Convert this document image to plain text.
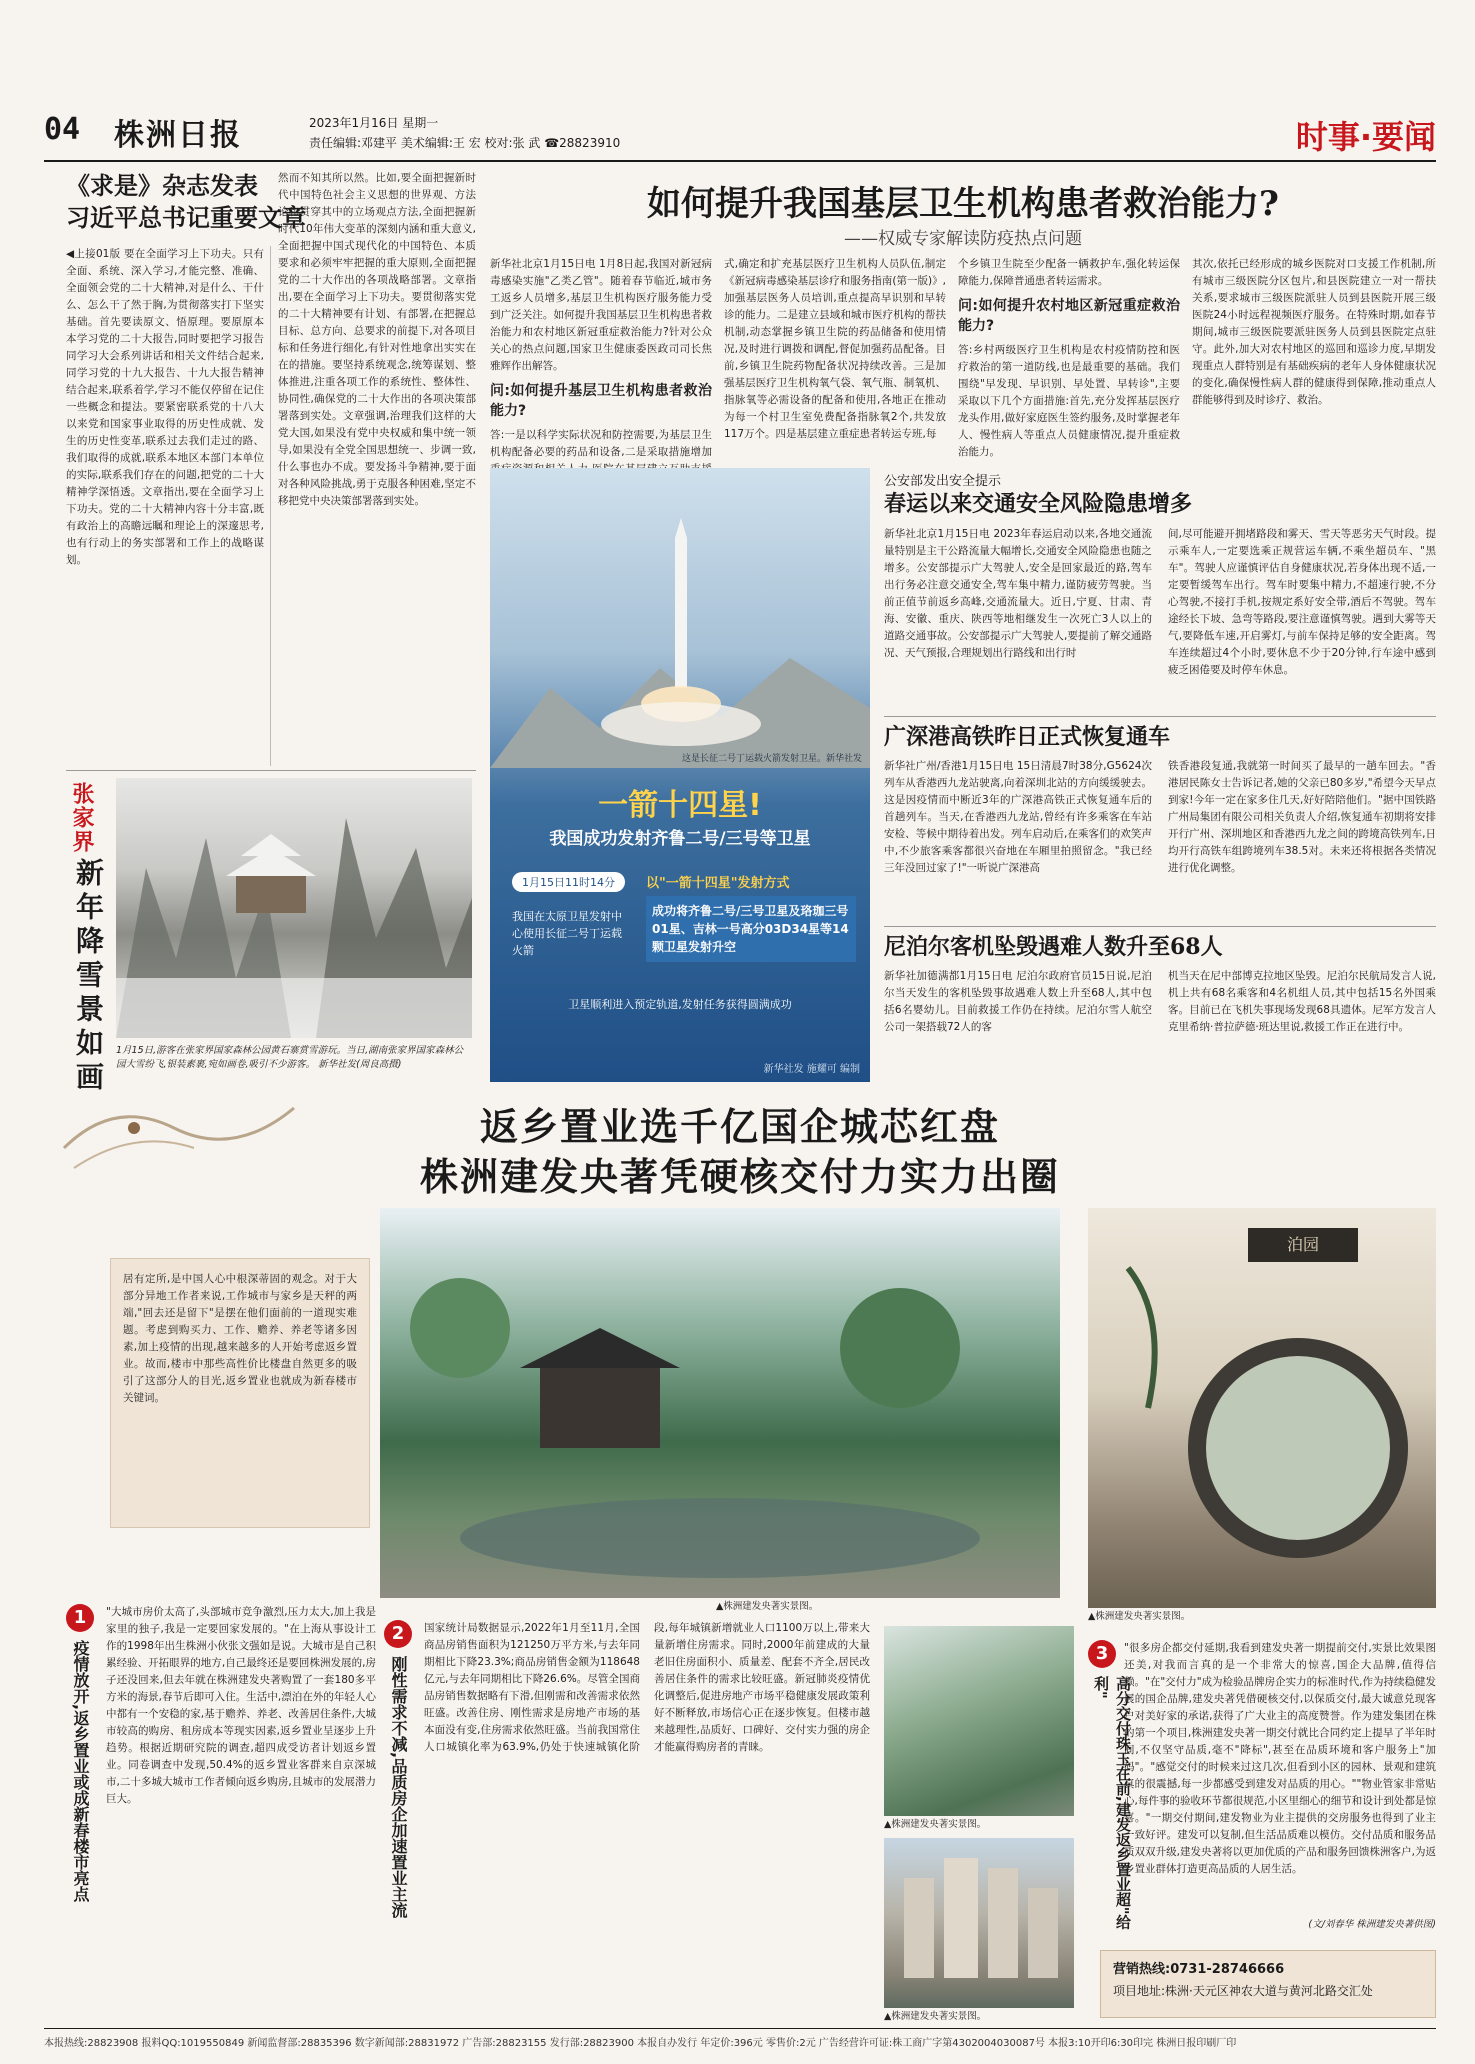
04 株洲日报	2023年1月16日 星期一
责任编辑:邓建平 美术编辑:王 宏 校对:张 武 ☎28823910	时事·要闻
《求是》杂志发表
习近平总书记重要文章
◀上接01版 要在全面学习上下功夫。只有全面、系统、深入学习,才能完整、准确、全面领会党的二十大精神,对是什么、干什么、怎么干了然于胸,为贯彻落实打下坚实基础。首先要读原文、悟原理。要原原本本学习党的二十大报告,同时要把学习报告同学习大会系列讲话和相关文件结合起来,同学习党的十九大报告、十九大报告精神结合起来,联系着学,学习不能仅停留在记住一些概念和提法。要紧密联系党的十八大以来党和国家事业取得的历史性成就、发生的历史性变革,联系过去我们走过的路、我们取得的成就,联系本地区本部门本单位的实际,联系我们存在的问题,把党的二十大精神学深悟透。文章指出,要在全面学习上下功夫。党的二十大精神内容十分丰富,既有政治上的高瞻远瞩和理论上的深邃思考,也有行动上的务实部署和工作上的战略谋划。
然而不知其所以然。比如,要全面把握新时代中国特色社会主义思想的世界观、方法论和贯穿其中的立场观点方法,全面把握新时代10年伟大变革的深刻内涵和重大意义,全面把握中国式现代化的中国特色、本质要求和必须牢牢把握的重大原则,全面把握党的二十大作出的各项战略部署。文章指出,要在全面学习上下功夫。要贯彻落实党的二十大精神要有计划、有部署,在把握总目标、总方向、总要求的前提下,对各项目标和任务进行细化,有针对性地拿出实实在在的措施。要坚持系统观念,统筹谋划、整体推进,注重各项工作的系统性、整体性、协同性,确保党的二十大作出的各项决策部署落到实处。文章强调,治理我们这样的大党大国,如果没有党中央权威和集中统一领导,如果没有全党全国思想统一、步调一致,什么事也办不成。要发扬斗争精神,要于面对各种风险挑战,勇于克服各种困难,坚定不移把党中央决策部署落到实处。
张家界
新年降雪景如画	1月15日,游客在张家界国家森林公园黄石寨赏雪游玩。当日,湖南张家界国家森林公园大雪纷飞,银装素裹,宛如画卷,吸引不少游客。 新华社发(周良高摄)
如何提升我国基层卫生机构患者救治能力?
——权威专家解读防疫热点问题
新华社北京1月15日电 1月8日起,我国对新冠病毒感染实施"乙类乙管"。随着春节临近,城市务工返乡人员增多,基层卫生机构医疗服务能力受到广泛关注。如何提升我国基层卫生机构患者救治能力和农村地区新冠重症救治能力?针对公众关心的热点问题,国家卫生健康委医政司司长焦雅辉作出解答。
问:如何提升基层卫生机构患者救治能力?
答:一是以科学实际状况和防控需要,为基层卫生机构配备必要的药品和设备,二是采取措施增加
式,确定和扩充基层医疗卫生机构人员队伍,制定《新冠病毒感染基层诊疗和服务指南(第一版)》,加强基层医务人员培训,重点提高早识别和早转诊的能力。二是建立县域和城市医疗机构的帮扶机制,动态掌握乡镇卫生院的药品储备和使用情况,及时进行调拨和调配,督促加强药品配备。目前,乡镇卫生院药物配备状况持续改善。三是加强基层医疗卫生机构氧气袋、氧气瓶、制氧机、指脉氧等必需设备的配备和使用,各地正在推动为每一个村卫生室免费配备指脉氧2个,共发放117万个。四是基层建立重症患者转运专班,每
个乡镇卫生院至少配备一辆救护车,强化转运保障能力,保障普通患者转运需求。
问:如何提升农村地区新冠重症救治能力?
答:乡村两级医疗卫生机构是农村疫情防控和医疗救治的第一道防线,也是最重要的基础。我们围绕"早发现、早识别、早处置、早转诊",主要采取以下几个方面措施:首先,充分发挥基层医疗龙头作用,做好家庭医生签约服务,及时掌握老年人、慢性病人等重点人员健康情况,提升重症救治能力。
其次,依托已经形成的城乡医院对口支援工作机制,所有城市三级医院分区包片,和县医院建立一对一帮扶关系,要求城市三级医院派驻人员到县医院开展三级医院24小时远程视频医疗服务。在特殊时期,如春节期间,城市三级医院要派驻医务人员到县医院定点驻守。此外,加大对农村地区的巡回和巡诊力度,早期发现重点人群特别是有基础疾病的老年人身体健康状况的变化,确保慢性病人群的健康得到保障,推动重点人群能够得到及时诊疗、救治。
这是长征二号丁运载火箭发射卫星。新华社发
一箭十四星!
我国成功发射齐鲁二号/三号等卫星
1月15日11时14分
我国在太原卫星发射中心使用长征二号丁运载火箭
以"一箭十四星"发射方式
成功将齐鲁二号/三号卫星及珞珈三号01星、吉林一号高分03D34星等14颗卫星发射升空
卫星顺利进入预定轨道,发射任务获得圆满成功
新华社发 施耀可 编制
公安部发出安全提示
春运以来交通安全风险隐患增多
新华社北京1月15日电 2023年春运启动以来,各地交通流量特别是主干公路流量大幅增长,交通安全风险隐患也随之增多。公安部提示广大驾驶人,安全是回家最近的路,驾车出行务必注意交通安全,驾车集中精力,谨防疲劳驾驶。当前正值节前返乡高峰,交通流量大。近日,宁夏、甘肃、青海、安徽、重庆、陕西等地相继发生一次死亡3人以上的道路交通事故。公安部提示广大驾驶人,要提前了解交通路况、天气预报,合理规划出行路线和出行时
间,尽可能避开拥堵路段和雾天、雪天等恶劣天气时段。提示乘车人,一定要选乘正规营运车辆,不乘坐超员车、"黑车"。驾驶人应谨慎评估自身健康状况,若身体出现不适,一定要暂缓驾车出行。驾车时要集中精力,不超速行驶,不分心驾驶,不接打手机,按规定系好安全带,酒后不驾驶。驾车途经长下坡、急弯等路段,要注意谨慎驾驶。遇到大雾等天气,要降低车速,开启雾灯,与前车保持足够的安全距离。驾车连续超过4个小时,要休息不少于20分钟,行车途中感到疲乏困倦要及时停车休息。
广深港高铁昨日正式恢复通车
新华社广州/香港1月15日电 15日清晨7时38分,G5624次列车从香港西九龙站驶离,向着深圳北站的方向缓缓驶去。这是因疫情而中断近3年的广深港高铁正式恢复通车后的首趟列车。当天,在香港西九龙站,曾经有许多乘客在车站安检、等候中期待着出发。列车启动后,在乘客们的欢笑声中,不少旅客乘客都很兴奋地在车厢里拍照留念。"我已经三年没回过家了!"一听说广深港高
铁香港段复通,我就第一时间买了最早的一趟车回去。"香港居民陈女士告诉记者,她的父亲已80多岁,"希望今天早点到家!今年一定在家多住几天,好好陪陪他们。"据中国铁路广州局集团有限公司相关负责人介绍,恢复通车初期将安排开行广州、深圳地区和香港西九龙之间的跨境高铁列车,日均开行高铁车组跨境列车38.5对。未来还将根据各类情况进行优化调整。
尼泊尔客机坠毁遇难人数升至68人
新华社加德满都1月15日电 尼泊尔政府官员15日说,尼泊尔当天发生的客机坠毁事故遇难人数上升至68人,其中包括6名婴幼儿。目前救援工作仍在持续。尼泊尔雪人航空公司一架搭载72人的客
机当天在尼中部博克拉地区坠毁。尼泊尔民航局发言人说,机上共有68名乘客和4名机组人员,其中包括15名外国乘客。目前已在飞机失事现场发现68具遗体。尼军方发言人克里希纳·普拉萨德·班达里说,救援工作正在进行中。
返乡置业选千亿国企城芯红盘
株洲建发央著凭硬核交付力实力出圈
居有定所,是中国人心中根深蒂固的观念。对于大部分异地工作者来说,工作城市与家乡是天秤的两端,"回去还是留下"是摆在他们面前的一道现实难题。考虑到购买力、工作、赡养、养老等诸多因素,加上疫情的出现,越来越多的人开始考虑返乡置业。故而,楼市中那些高性价比楼盘自然更多的吸引了这部分人的目光,返乡置业也就成为新春楼市关键词。
▲株洲建发央著实景图。
泊园
▲株洲建发央著实景图。
1
疫情放开,返乡置业或成新春楼市亮点
"大城市房价太高了,头部城市竞争激烈,压力太大,加上我是家里的独子,我是一定要回家发展的。"在上海从事设计工作的1998年出生株洲小伙张文强如是说。大城市是自己积累经验、开拓眼界的地方,自己最终还是要回株洲发展的,房子还没回来,但去年就在株洲建发央著购置了一套180多平方米的海景,春节后即可入住。生活中,漂泊在外的年轻人心中都有一个安稳的家,基于赡养、养老、改善居住条件,大城市较高的购房、租房成本等现实因素,返乡置业呈逐步上升趋势。根据近期研究院的调查,超四成受访者计划返乡置业。同卷调查中发现,50.4%的返乡置业客群来自京深城市,二十多城大城市工作者倾向返乡购房,且城市的发展潜力巨大。
2
刚性需求不减,品质房企加速置业主流
国家统计局数据显示,2022年1月至11月,全国商品房销售面积为121250万平方米,与去年同期相比下降23.3%;商品房销售金额为118648亿元,与去年同期相比下降26.6%。尽管全国商品房销售数据略有下滑,但刚需和改善需求依然旺盛。改善住房、刚性需求是房地产市场的基本面没有变,住房需求依然旺盛。当前我国常住人口城镇化率为63.9%,仍处于快速城镇化阶段,每年城镇新增就业人口1100万以上,带来大量新增住房需求。同时,2000年前建成的大量老旧住房面积小、质量差、配套不齐全,居民改善居住条件的需求比较旺盛。新冠肺炎疫情优化调整后,促进房地产市场平稳健康发展政策利好不断释放,市场信心正在逐步恢复。但楼市越来越理性,品质好、口碑好、交付实力强的房企才能赢得购房者的青睐。
▲株洲建发央著实景图。
▲株洲建发央著实景图。
3
高分交付珠玉在前,建发返乡置业超"给利"
"很多房企都交付延期,我看到建发央著一期提前交付,实景比效果图还美,对我而言真的是一个非常大的惊喜,国企大品牌,值得信赖。"在"交付力"成为检验品牌房企实力的标准时代,作为持续稳健发展的国企品牌,建发央著凭借硬核交付,以保质交付,最大诚意兑现客户对美好家的承诺,获得了广大业主的高度赞誉。作为建发集团在株的第一个项目,株洲建发央著一期交付就比合同约定上提早了半年时间,不仅坚守品质,毫不"降标",甚至在品质环境和客户服务上"加码"。"感觉交付的时候来过这几次,但看到小区的园林、景观和建筑真的很震撼,每一步都感受到建发对品质的用心。""物业管家非常贴心,每件事的验收环节都很规范,小区里细心的细节和设计到处都是惊喜。"一期交付期间,建发物业为业主提供的交房服务也得到了业主一致好评。建发可以复制,但生活品质难以模仿。交付品质和服务品质双双升级,建发央著将以更加优质的产品和服务回馈株洲客户,为返乡置业群体打造更高品质的人居生活。
(文/刘春华 株洲建发央著供图)
营销热线:0731-28746666
项目地址:株洲·天元区神农大道与黄河北路交汇处
本报热线:28823908 报料QQ:1019550849 新闻监督部:28835396 数字新闻部:28831972 广告部:28823155 发行部:28823900 本报自办发行 年定价:396元 零售价:2元 广告经营许可证:株工商广字第4302004030087号 本报3:10开印6:30印完 株洲日报印刷厂印
